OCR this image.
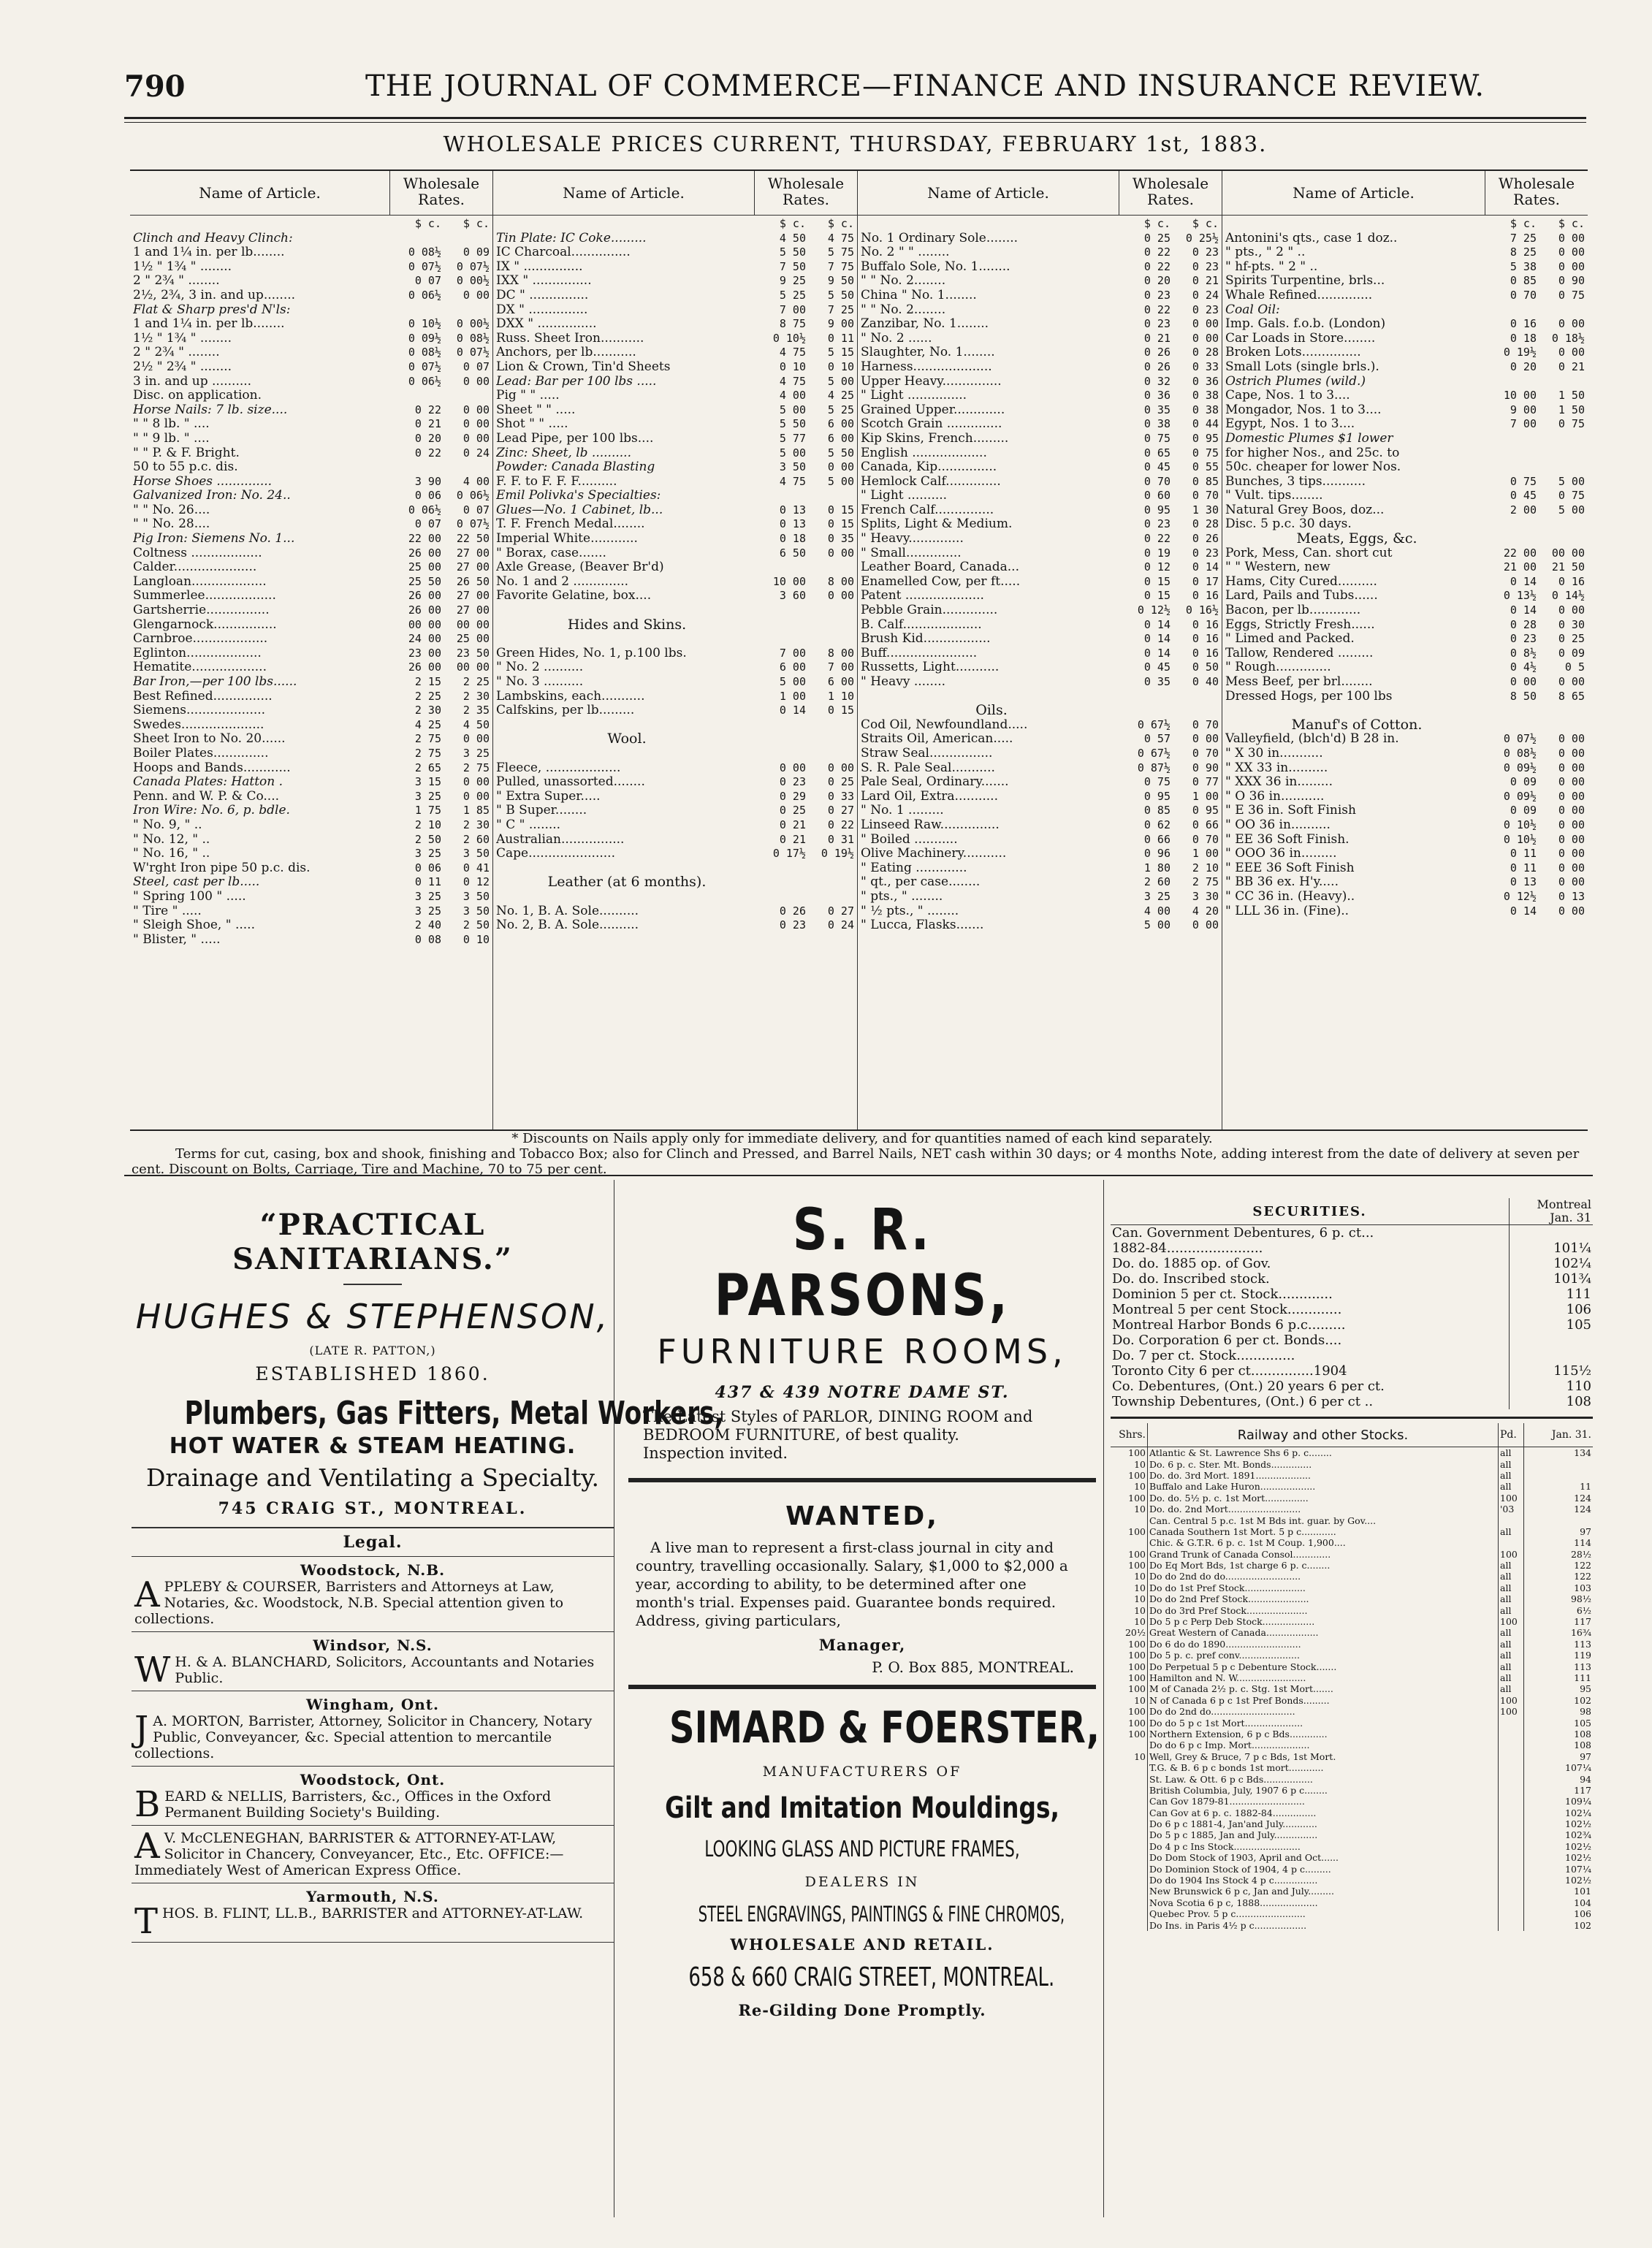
790	THE JOURNAL OF COMMERCE—FINANCE AND INSURANCE REVIEW.
WHOLESALE PRICES CURRENT, THURSDAY, FEBRUARY 1st, 1883.
Name of Article.
Wholesale Rates.
$ c.	$ c.
Clinch and Heavy Clinch:
1 and 1¼ in. per lb........	0 08½	0 09
1½ " 1¾ " ........	0 07½	0 07½
2 " 2¾ " ........	0 07	0 00½
2½, 2¾, 3 in. and up........	0 06½	0 00
Flat & Sharp pres'd N'ls:
1 and 1¼ in. per lb........	0 10½	0 00½
1½ " 1¾ " ........	0 09½	0 08½
2 " 2¾ " ........	0 08½	0 07½
2½ " 2¾ " ........	0 07½	0 07
3 in. and up ..........	0 06½	0 00
Disc. on application.
Horse Nails: 7 lb. size....	0 22	0 00
" " 8 lb. " ....	0 21	0 00
" " 9 lb. " ....	0 20	0 00
" " P. & F. Bright.	0 22	0 24
50 to 55 p.c. dis.
Horse Shoes ..............	3 90	4 00
Galvanized Iron: No. 24..	0 06	0 06½
" " No. 26....	0 06½	0 07
" " No. 28....	0 07	0 07½
Pig Iron: Siemens No. 1...	22 00	22 50
Coltness ..................	26 00	27 00
Calder.....................	25 00	27 00
Langloan...................	25 50	26 50
Summerlee..................	26 00	27 00
Gartsherrie................	26 00	27 00
Glengarnock................	00 00	00 00
Carnbroe...................	24 00	25 00
Eglinton...................	23 00	23 50
Hematite...................	26 00	00 00
Bar Iron,—per 100 lbs......	2 15	2 25
Best Refined...............	2 25	2 30
Siemens....................	2 30	2 35
Swedes.....................	4 25	4 50
Sheet Iron to No. 20......	2 75	0 00
Boiler Plates..............	2 75	3 25
Hoops and Bands............	2 65	2 75
Canada Plates: Hatton .	3 15	0 00
Penn. and W. P. & Co....	3 25	0 00
Iron Wire: No. 6, p. bdle.	1 75	1 85
" No. 9, " ..	2 10	2 30
" No. 12, " ..	2 50	2 60
" No. 16, " ..	3 25	3 50
W'rght Iron pipe 50 p.c. dis.	0 06	0 41
Steel, cast per lb.....	0 11	0 12
" Spring 100 " .....	3 25	3 50
" Tire " .....	3 25	3 50
" Sleigh Shoe, " .....	2 40	2 50
" Blister, " .....	0 08	0 10
Name of Article.
Wholesale Rates.
$ c.	$ c.
Tin Plate: IC Coke.........	4 50	4 75
IC Charcoal...............	5 50	5 75
IX " ...............	7 50	7 75
IXX " ...............	9 25	9 50
DC " ...............	5 25	5 50
DX " ...............	7 00	7 25
DXX " ...............	8 75	9 00
Russ. Sheet Iron...........	0 10½	0 11
Anchors, per lb...........	4 75	5 15
Lion & Crown, Tin'd Sheets	0 10	0 10
Lead: Bar per 100 lbs .....	4 75	5 00
Pig " " .....	4 00	4 25
Sheet " " .....	5 00	5 25
Shot " " .....	5 50	6 00
Lead Pipe, per 100 lbs....	5 77	6 00
Zinc: Sheet, lb ..........	5 00	5 50
Powder: Canada Blasting	3 50	0 00
F. F. to F. F. F..........	4 75	5 00
Emil Polivka's Specialties:
Glues—No. 1 Cabinet, lb...	0 13	0 15
T. F. French Medal........	0 13	0 15
Imperial White............	0 18	0 35
" Borax, case.......	6 50	0 00
Axle Grease, (Beaver Br'd)
No. 1 and 2 ..............	10 00	8 00
Favorite Gelatine, box....	3 60	0 00
Hides and Skins.
Green Hides, No. 1, p.100 lbs.	7 00	8 00
" No. 2 ..........	6 00	7 00
" No. 3 ..........	5 00	6 00
Lambskins, each...........	1 00	1 10
Calfskins, per lb.........	0 14	0 15
Wool.
Fleece, ...................	0 00	0 00
Pulled, unassorted........	0 23	0 25
" Extra Super.....	0 29	0 33
" B Super........	0 25	0 27
" C " ........	0 21	0 22
Australian................	0 21	0 31
Cape......................	0 17½	0 19½
Leather (at 6 months).
No. 1, B. A. Sole..........	0 26	0 27
No. 2, B. A. Sole..........	0 23	0 24
Name of Article.
Wholesale Rates.
$ c.	$ c.
No. 1 Ordinary Sole........	0 25	0 25½
No. 2 " " ........	0 22	0 23
Buffalo Sole, No. 1........	0 22	0 23
" " No. 2........	0 20	0 21
China " No. 1........	0 23	0 24
" " No. 2........	0 22	0 23
Zanzibar, No. 1........	0 23	0 00
" No. 2 ......	0 21	0 00
Slaughter, No. 1........	0 26	0 28
Harness....................	0 26	0 33
Upper Heavy...............	0 32	0 36
" Light ...............	0 36	0 38
Grained Upper.............	0 35	0 38
Scotch Grain ..............	0 38	0 44
Kip Skins, French.........	0 75	0 95
English ...................	0 65	0 75
Canada, Kip...............	0 45	0 55
Hemlock Calf..............	0 70	0 85
" Light ..........	0 60	0 70
French Calf...............	0 95	1 30
Splits, Light & Medium.	0 23	0 28
" Heavy..............	0 22	0 26
" Small..............	0 19	0 23
Leather Board, Canada...	0 12	0 14
Enamelled Cow, per ft.....	0 15	0 17
Patent ....................	0 15	0 16
Pebble Grain..............	0 12½	0 16½
B. Calf....................	0 14	0 16
Brush Kid.................	0 14	0 16
Buff.......................	0 14	0 16
Russetts, Light...........	0 45	0 50
" Heavy ........	0 35	0 40
Oils.
Cod Oil, Newfoundland.....	0 67½	0 70
Straits Oil, American.....	0 57	0 00
Straw Seal................	0 67½	0 70
S. R. Pale Seal...........	0 87½	0 90
Pale Seal, Ordinary.......	0 75	0 77
Lard Oil, Extra...........	0 95	1 00
" No. 1 .........	0 85	0 95
Linseed Raw...............	0 62	0 66
" Boiled ...........	0 66	0 70
Olive Machinery...........	0 96	1 00
" Eating .............	1 80	2 10
" qt., per case........	2 60	2 75
" pts., " ........	3 25	3 30
" ½ pts., " ........	4 00	4 20
" Lucca, Flasks.......	5 00	0 00
Name of Article.
Wholesale Rates.
$ c.	$ c.
Antonini's qts., case 1 doz..	7 25	0 00
" pts., " 2 " ..	8 25	0 00
" hf-pts. " 2 " ..	5 38	0 00
Spirits Turpentine, brls...	0 85	0 90
Whale Refined..............	0 70	0 75
Coal Oil:
Imp. Gals. f.o.b. (London)	0 16	0 00
Car Loads in Store........	0 18	0 18½
Broken Lots...............	0 19½	0 00
Small Lots (single brls.).	0 20	0 21
Ostrich Plumes (wild.)
Cape, Nos. 1 to 3....	10 00	1 50
Mongador, Nos. 1 to 3....	9 00	1 50
Egypt, Nos. 1 to 3....	7 00	0 75
Domestic Plumes $1 lower
for higher Nos., and 25c. to
50c. cheaper for lower Nos.
Bunches, 3 tips...........	0 75	5 00
" Vult. tips........	0 45	0 75
Natural Grey Boos, doz...	2 00	5 00
Disc. 5 p.c. 30 days.
Meats, Eggs, &c.
Pork, Mess, Can. short cut	22 00	00 00
" " Western, new	21 00	21 50
Hams, City Cured..........	0 14	0 16
Lard, Pails and Tubs......	0 13½	0 14½
Bacon, per lb.............	0 14	0 00
Eggs, Strictly Fresh......	0 28	0 30
" Limed and Packed.	0 23	0 25
Tallow, Rendered .........	0 8½	0 09
" Rough..............	0 4½	0 5
Mess Beef, per brl........	0 00	0 00
Dressed Hogs, per 100 lbs	8 50	8 65
Manuf's of Cotton.
Valleyfield, (blch'd) B 28 in.	0 07½	0 00
" X 30 in...........	0 08½	0 00
" XX 33 in..........	0 09½	0 00
" XXX 36 in.........	0 09	0 00
" O 36 in...........	0 09½	0 00
" E 36 in. Soft Finish	0 09	0 00
" OO 36 in..........	0 10½	0 00
" EE 36 Soft Finish.	0 10½	0 00
" OOO 36 in.........	0 11	0 00
" EEE 36 Soft Finish	0 11	0 00
" BB 36 ex. H'y.....	0 13	0 00
" CC 36 in. (Heavy)..	0 12½	0 13
" LLL 36 in. (Fine)..	0 14	0 00
* Discounts on Nails apply only for immediate delivery, and for quantities named of each kind separately.
Terms for cut, casing, box and shook, finishing and Tobacco Box; also for Clinch and Pressed, and Barrel Nails, NET cash within 30 days; or 4 months Note, adding interest from the date of delivery at seven per cent. Discount on Bolts, Carriage, Tire and Machine, 70 to 75 per cent.
“PRACTICAL SANITARIANS.”
HUGHES & STEPHENSON,
(LATE R. PATTON,)
ESTABLISHED 1860.
Plumbers, Gas Fitters, Metal Workers,
HOT WATER & STEAM HEATING.
Drainage and Ventilating a Specialty.
745 CRAIG ST., MONTREAL.
Legal.
Woodstock, N.B.
APPLEBY & COURSER, Barristers and Attorneys at Law, Notaries, &c. Woodstock, N.B. Special attention given to collections.
Windsor, N.S.
W H. & A. BLANCHARD, Solicitors, Accountants and Notaries Public.
Wingham, Ont.
J A. MORTON, Barrister, Attorney, Solicitor in Chancery, Notary Public, Conveyancer, &c. Special attention to mercantile collections.
Woodstock, Ont.
BEARD & NELLIS, Barristers, &c., Offices in the Oxford Permanent Building Society's Building.
A V. McCLENEGHAN, BARRISTER & ATTORNEY-AT-LAW, Solicitor in Chancery, Conveyancer, Etc., Etc. OFFICE:—Immediately West of American Express Office.
Yarmouth, N.S.
THOS. B. FLINT, LL.B., BARRISTER and ATTORNEY-AT-LAW.
S. R. PARSONS,
FURNITURE ROOMS,
437 & 439 NOTRE DAME ST.
The Latest Styles of PARLOR, DINING ROOM and BEDROOM FURNITURE, of best quality.
Inspection invited.
WANTED,
A live man to represent a first-class journal in city and country, travelling occasionally. Salary, $1,000 to $2,000 a year, according to ability, to be determined after one month's trial. Expenses paid. Guarantee bonds required. Address, giving particulars,
Manager,
P. O. Box 885, MONTREAL.
SIMARD & FOERSTER,
MANUFACTURERS OF
Gilt and Imitation Mouldings,
LOOKING GLASS AND PICTURE FRAMES,
DEALERS IN
STEEL ENGRAVINGS, PAINTINGS & FINE CHROMOS,
WHOLESALE AND RETAIL.
658 & 660 CRAIG STREET, MONTREAL.
Re-Gilding Done Promptly.
SECURITIES.	Montreal Jan. 31
Can. Government Debentures, 6 p. ct...	
1882-84.......................	101¼
Do. do. 1885 op. of Gov.	102¼
Do. do. Inscribed stock.	101¾
Dominion 5 per ct. Stock.............	111
Montreal 5 per cent Stock.............	106
Montreal Harbor Bonds 6 p.c.........	105
Do. Corporation 6 per ct. Bonds....	
Do. 7 per ct. Stock..............	
Toronto City 6 per ct...............1904	115½
Co. Debentures, (Ont.) 20 years 6 per ct.	110
Township Debentures, (Ont.) 6 per ct ..	108
Shrs.	Railway and other Stocks.	Pd.	Jan. 31.
100	Atlantic & St. Lawrence Shs 6 p. c........	all	134
10	Do. 6 p. c. Ster. Mt. Bonds..............	all	
100	Do. do. 3rd Mort. 1891...................	all	
10	Buffalo and Lake Huron...................	all	11
100	Do. do. 5½ p. c. 1st Mort...............	100	124
10	Do. do. 2nd Mort.........................	'03	124
	Can. Central 5 p.c. 1st M Bds int. guar. by Gov....		
100	Canada Southern 1st Mort. 5 p c............	all	97
	Chic. & G.T.R. 6 p. c. 1st M Coup. 1,900....		114
100	Grand Trunk of Canada Consol.............	100	28½
100	Do Eq Mort Bds, 1st charge 6 p. c........	all	122
10	Do do 2nd do do..........................	all	122
10	Do do 1st Pref Stock.....................	all	103
10	Do do 2nd Pref Stock.....................	all	98½
10	Do do 3rd Pref Stock.....................	all	6½
10	Do 5 p c Perp Deb Stock..................	100	117
20½	Great Western of Canada..................	all	16¾
100	Do 6 do do 1890..........................	all	113
100	Do 5 p. c. pref conv.....................	all	119
100	Do Perpetual 5 p c Debenture Stock.......	all	113
100	Hamilton and N. W........................	all	111
100	M of Canada 2½ p. c. Stg. 1st Mort.......	all	95
10	N of Canada 6 p c 1st Pref Bonds.........	100	102
100	Do do 2nd do.............................	100	98
100	Do do 5 p c 1st Mort....................		105
100	Northern Extension, 6 p c Bds.............		108
	Do do 6 p c Imp. Mort....................		108
10	Well, Grey & Bruce, 7 p c Bds, 1st Mort.		97
	T.G. & B. 6 p c bonds 1st mort............		107¼
	St. Law. & Ott. 6 p c Bds.................		94
	British Columbia, July, 1907 6 p c........		117
	Can Gov 1879-81..........................		109¼
	Can Gov at 6 p. c. 1882-84...............		102¼
	Do 6 p c 1881-4, Jan'and July............		102½
	Do 5 p c 1885, Jan and July...............		102¾
	Do 4 p c Ins Stock.......................		102½
	Do Dom Stock of 1903, April and Oct......		102½
	Do Dominion Stock of 1904, 4 p c.........		107¼
	Do do 1904 Ins Stock 4 p c...............		102½
	New Brunswick 6 p c, Jan and July.........		101
	Nova Scotia 6 p c, 1888....................		104
	Quebec Prov. 5 p c........................		106
	Do Ins. in Paris 4½ p c..................		102
